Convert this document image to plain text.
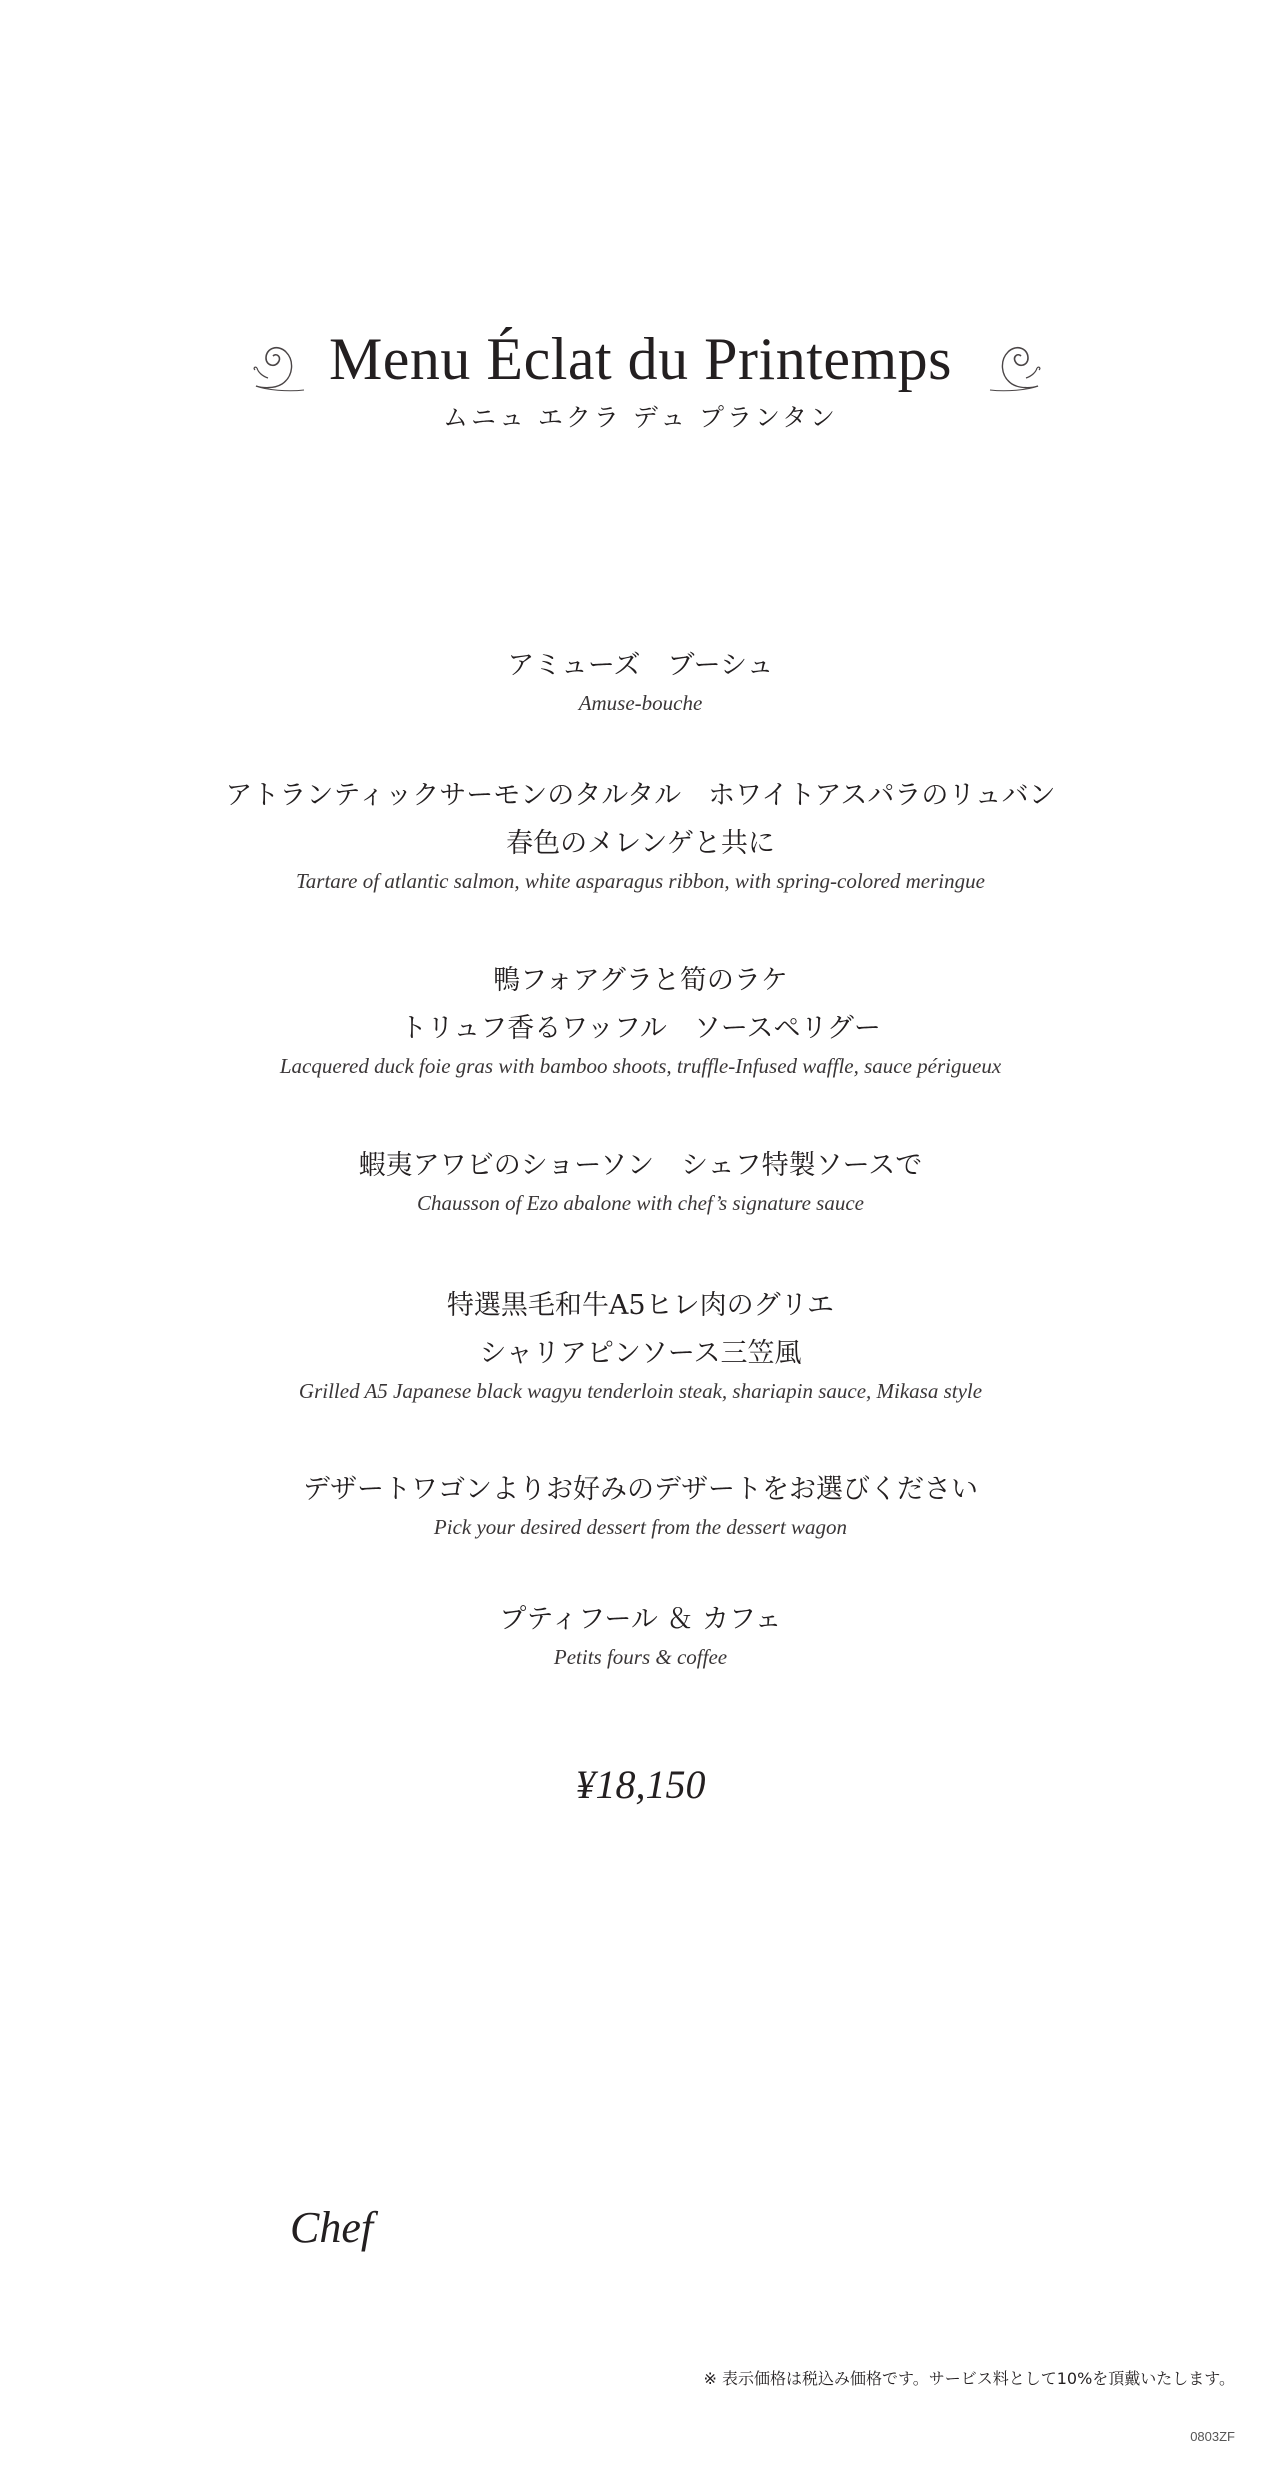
Menu Éclat du Printemps
ムニュ エクラ デュ プランタン
アミューズ　ブーシュ
Amuse-bouche
アトランティックサーモンのタルタル　ホワイトアスパラのリュバン
春色のメレンゲと共に
Tartare of atlantic salmon, white asparagus ribbon, with spring-colored meringue
鴨フォアグラと筍のラケ
トリュフ香るワッフル　ソースペリグー
Lacquered duck foie gras with bamboo shoots, truffle-Infused waffle, sauce périgueux
蝦夷アワビのショーソン　シェフ特製ソースで
Chausson of Ezo abalone with chef’s signature sauce
特選黒毛和牛A5ヒレ肉のグリエ
シャリアピンソース三笠風
Grilled A5 Japanese black wagyu tenderloin steak, shariapin sauce, Mikasa style
デザートワゴンよりお好みのデザートをお選びください
Pick your desired dessert from the dessert wagon
プティフール ＆ カフェ
Petits fours & coffee
¥18,150
Chef
※ 表示価格は税込み価格です。サービス料として10%を頂戴いたします。
0803ZF
